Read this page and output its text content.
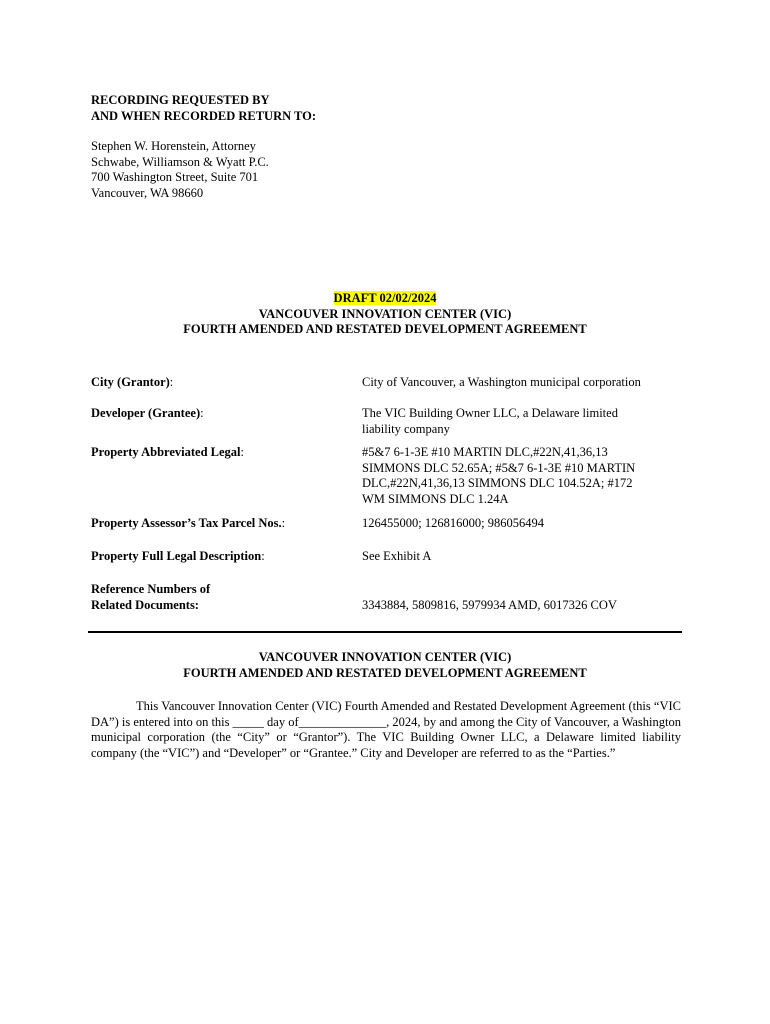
RECORDING REQUESTED BY
AND WHEN RECORDED RETURN TO:
Stephen W. Horenstein, Attorney
Schwabe, Williamson & Wyatt P.C.
700 Washington Street, Suite 701
Vancouver, WA 98660
DRAFT 02/02/2024
VANCOUVER INNOVATION CENTER (VIC)
FOURTH AMENDED AND RESTATED DEVELOPMENT AGREEMENT
City (Grantor):	City of Vancouver, a Washington municipal corporation
Developer (Grantee):	The VIC Building Owner LLC, a Delaware limited
liability company
Property Abbreviated Legal:	#5&7 6-1-3E #10 MARTIN DLC,#22N,41,36,13
SIMMONS DLC 52.65A; #5&7 6-1-3E #10 MARTIN
DLC,#22N,41,36,13 SIMMONS DLC 104.52A; #172
WM SIMMONS DLC 1.24A
Property Assessor’s Tax Parcel Nos.:	126455000; 126816000; 986056494
Property Full Legal Description:	See Exhibit A
Reference Numbers of
Related Documents:	3343884, 5809816, 5979934 AMD, 6017326 COV
VANCOUVER INNOVATION CENTER (VIC)
FOURTH AMENDED AND RESTATED DEVELOPMENT AGREEMENT
This Vancouver Innovation Center (VIC) Fourth Amended and Restated Development Agreement (this “VIC DA”) is entered into on this _____ day of______________, 2024, by and among the City of Vancouver, a Washington municipal corporation (the “City” or “Grantor”). The VIC Building Owner LLC, a Delaware limited liability company (the “VIC”) and “Developer” or “Grantee.” City and Developer are referred to as the “Parties.”
